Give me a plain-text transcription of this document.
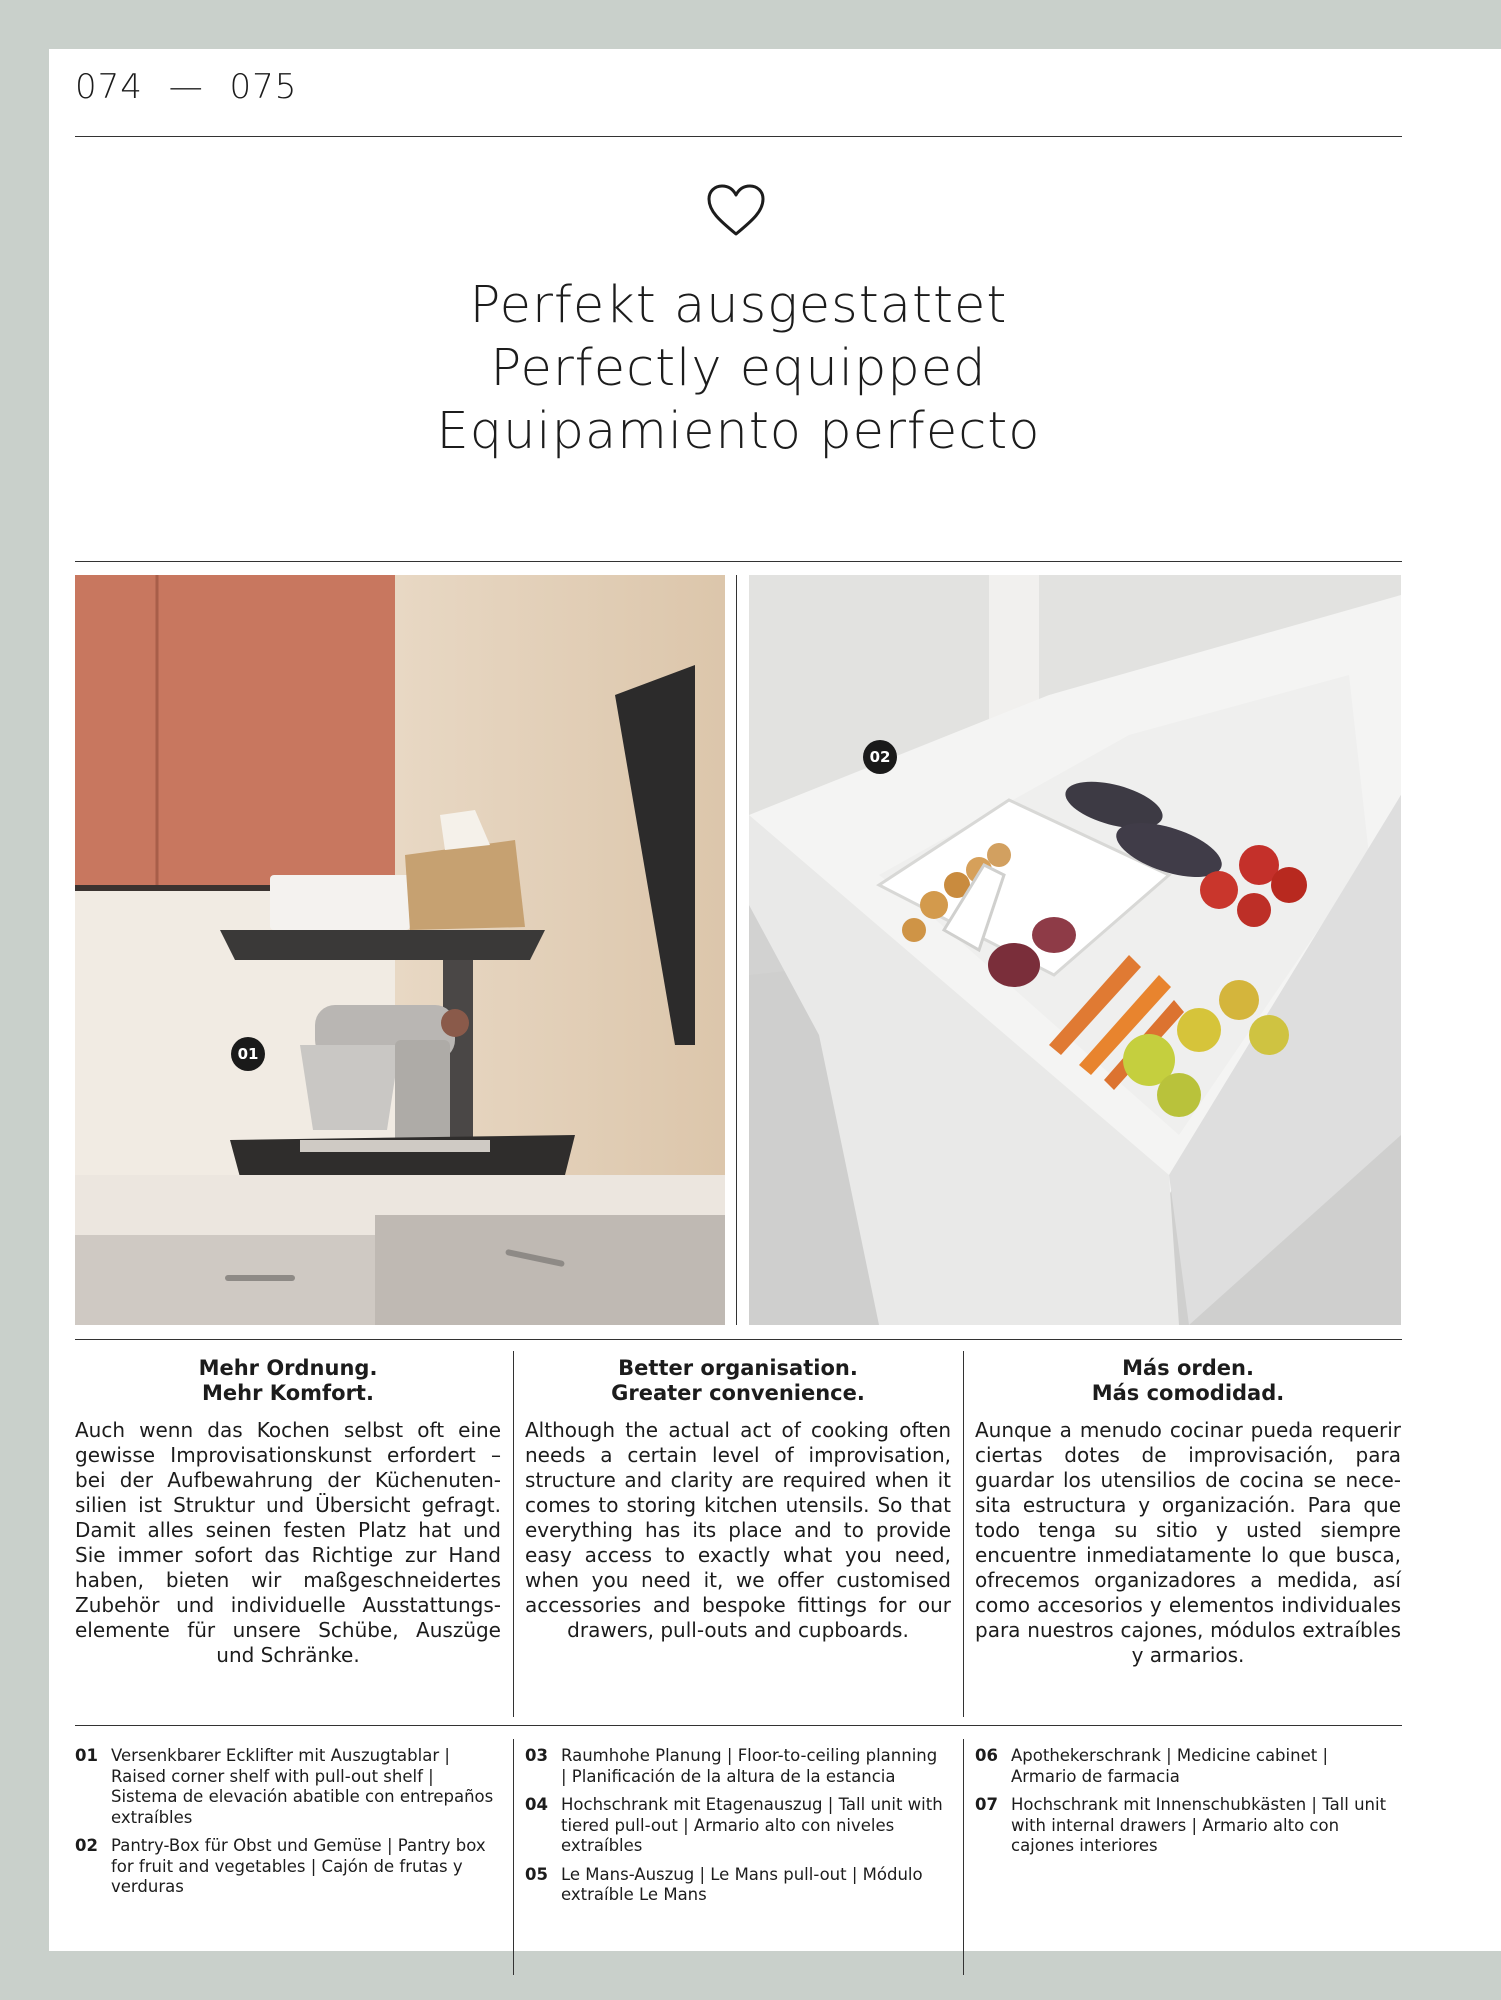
074 — 075
Perfekt ausgestattet
Perfectly equipped
Equipamiento perfecto
01
02
Mehr Ordnung.
Mehr Komfort.

Auch wenn das Kochen selbst oft eine gewisse Improvisationskunst erfordert – bei der Aufbewahrung der Küchenutensilien ist Struktur und Übersicht gefragt. Damit alles seinen festen Platz hat und Sie immer sofort das Richtige zur Hand haben, bieten wir maßgeschneidertes Zubehör und individuelle Ausstattungselemente für unsere Schübe, Auszüge und Schränke.

Better organisation.
Greater convenience.

Although the actual act of cooking often needs a certain level of improvisation, structure and clarity are required when it comes to storing kitchen utensils. So that everything has its place and to provide easy access to exactly what you need, when you need it, we offer customised accessories and bespoke fittings for our drawers, pull-outs and cupboards.

Más orden.
Más comodidad.

Aunque a menudo cocinar pueda requerir ciertas dotes de improvisación, para guardar los utensilios de cocina se necesita estructura y organización. Para que todo tenga su sitio y usted siempre encuentre inmediatamente lo que busca, ofrecemos organizadores a medida, así como accesorios y elementos individuales para nuestros cajones, módulos extraíbles y armarios.

01 Versenkbarer Ecklifter mit Auszugtablar | Raised corner shelf with pull-out shelf | Sistema de elevación abatible con entrepaños extraíbles
02 Pantry-Box für Obst und Gemüse | Pantry box for fruit and vegetables | Cajón de frutas y verduras
03 Raumhohe Planung | Floor-to-ceiling planning | Planificación de la altura de la estancia
04 Hochschrank mit Etagenauszug | Tall unit with tiered pull-out | Armario alto con niveles extraíbles
05 Le Mans-Auszug | Le Mans pull-out | Módulo extraíble Le Mans
06 Apothekerschrank | Medicine cabinet | Armario de farmacia
07 Hochschrank mit Innenschubkästen | Tall unit with internal drawers | Armario alto con cajones interiores
